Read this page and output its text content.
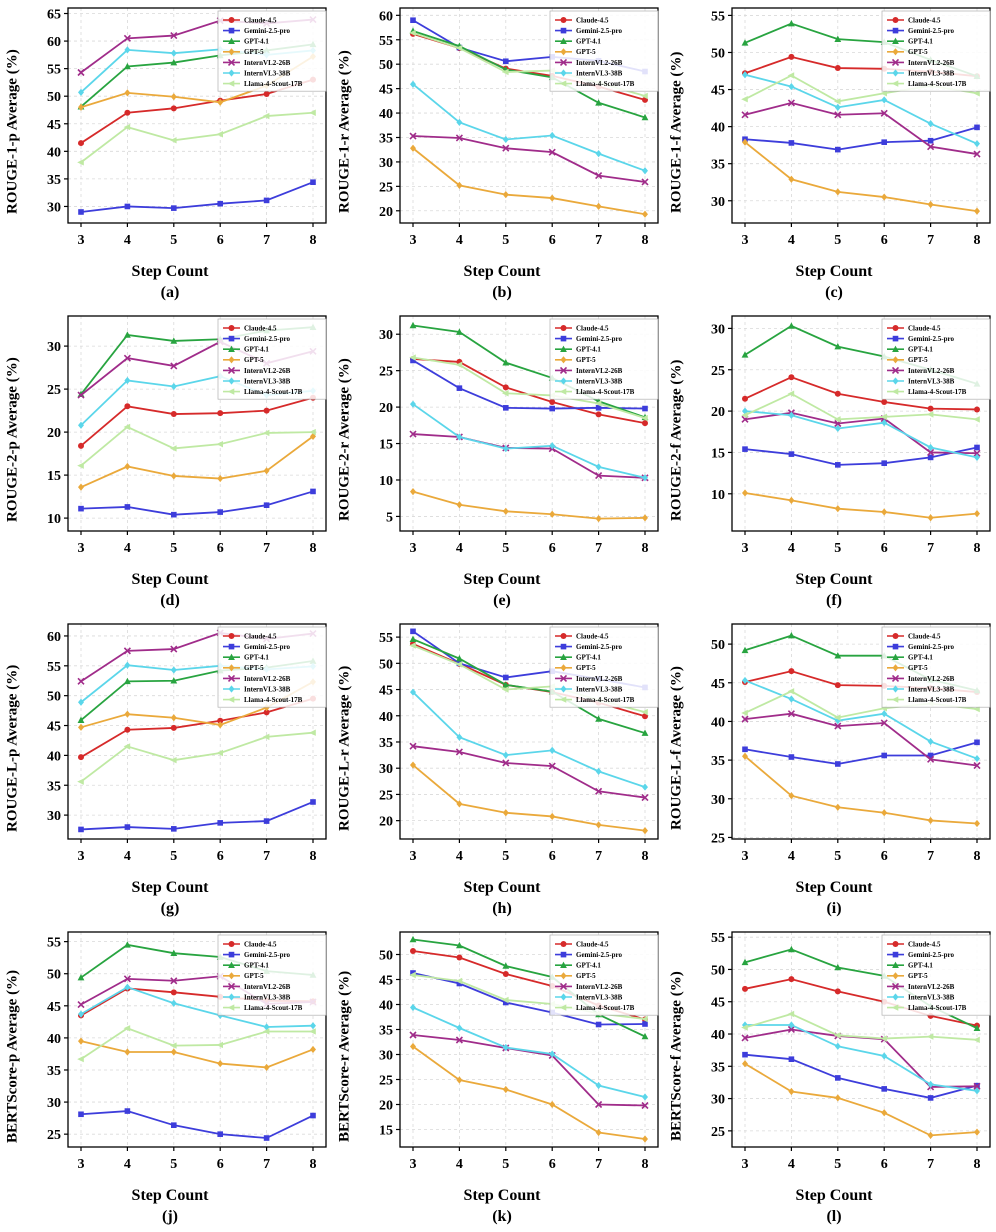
ROUGE-1-p Average (%)	30
35
40
45
50
55
60
65
3	4	5	6	7	8
Claude-4.5
Gemini-2.5-pro
GPT-4.1
GPT-5
InternVL2-26B
InternVL3-38B
Llama-4-Scout-17B
Step Count
(a)
ROUGE-1-r Average (%)	20
25
30
35
40
45
50
55
60
3	4	5	6	7	8
Claude-4.5
Gemini-2.5-pro
GPT-4.1
GPT-5
InternVL2-26B
InternVL3-38B
Llama-4-Scout-17B
Step Count
(b)
ROUGE-1-f Average (%)	30
35
40
45
50
55
3	4	5	6	7	8
Claude-4.5
Gemini-2.5-pro
GPT-4.1
GPT-5
InternVL2-26B
InternVL3-38B
Llama-4-Scout-17B
Step Count
(c)
ROUGE-2-p Average (%)	10
15
20
25
30
3	4	5	6	7	8
Claude-4.5
Gemini-2.5-pro
GPT-4.1
GPT-5
InternVL2-26B
InternVL3-38B
Llama-4-Scout-17B
Step Count
(d)
ROUGE-2-r Average (%)	5
10
15
20
25
30
3	4	5	6	7	8
Claude-4.5
Gemini-2.5-pro
GPT-4.1
GPT-5
InternVL2-26B
InternVL3-38B
Llama-4-Scout-17B
Step Count
(e)
ROUGE-2-f Average (%)	10
15
20
25
30
3	4	5	6	7	8
Claude-4.5
Gemini-2.5-pro
GPT-4.1
GPT-5
InternVL2-26B
InternVL3-38B
Llama-4-Scout-17B
Step Count
(f)
ROUGE-L-p Average (%)	30
35
40
45
50
55
60
3	4	5	6	7	8
Claude-4.5
Gemini-2.5-pro
GPT-4.1
GPT-5
InternVL2-26B
InternVL3-38B
Llama-4-Scout-17B
Step Count
(g)
ROUGE-L-r Average (%)	20
25
30
35
40
45
50
55
3	4	5	6	7	8
Claude-4.5
Gemini-2.5-pro
GPT-4.1
GPT-5
InternVL2-26B
InternVL3-38B
Llama-4-Scout-17B
Step Count
(h)
ROUGE-L-f Average (%)
25
30
35
40
45
50
3	4	5	6	7	8
Claude-4.5
Gemini-2.5-pro
GPT-4.1
GPT-5
InternVL2-26B
InternVL3-38B
Llama-4-Scout-17B
Step Count
(i)
BERTScore-p Average (%)	25
30
35
40
45
50
55
3	4	5	6	7	8
Claude-4.5
Gemini-2.5-pro
GPT-4.1
GPT-5
InternVL2-26B
InternVL3-38B
Llama-4-Scout-17B
Step Count
(j)
BERTScore-r Average (%)	15
20
25
30
35
40
45
50
3	4	5	6	7	8
Claude-4.5
Gemini-2.5-pro
GPT-4.1
GPT-5
InternVL2-26B
InternVL3-38B
Llama-4-Scout-17B
Step Count
(k)
BERTScore-f Average (%)	25
30
35
40
45
50
55
3	4	5	6	7	8
Claude-4.5
Gemini-2.5-pro
GPT-4.1
GPT-5
InternVL2-26B
InternVL3-38B
Llama-4-Scout-17B
Step Count
(l)
